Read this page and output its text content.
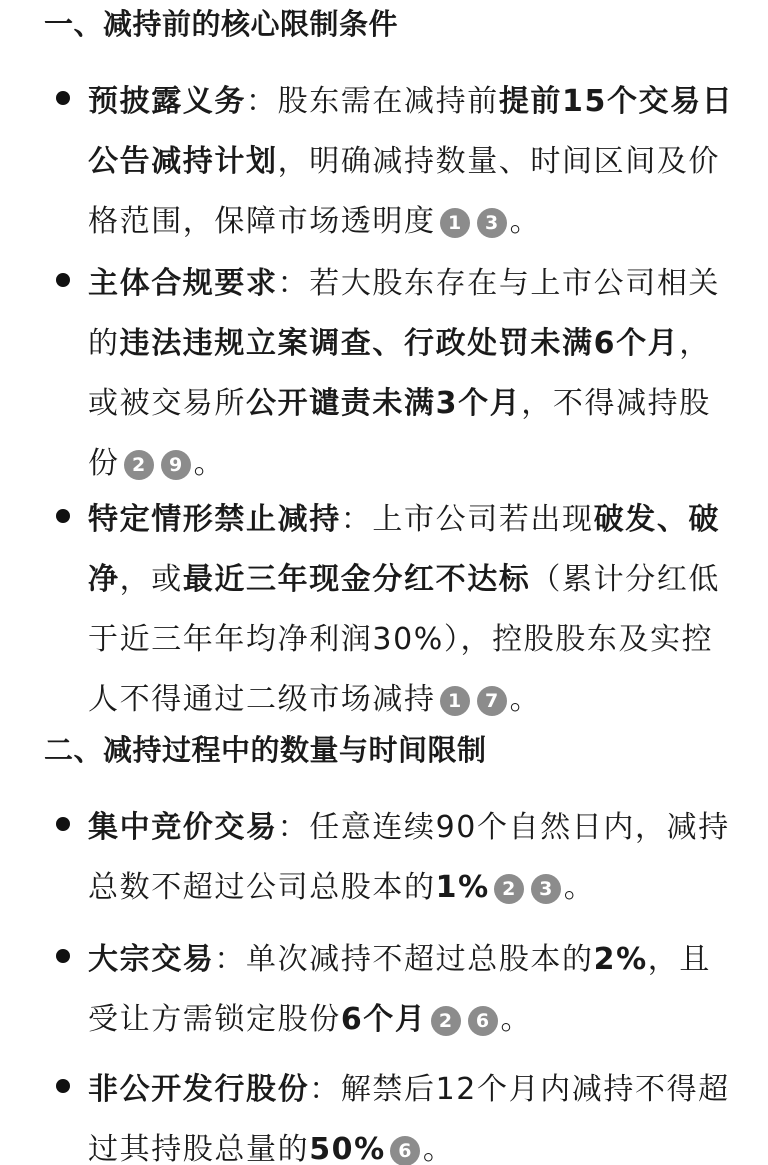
一、减持前的核心限制条件
预披露义务：股东需在减持前提前15个交易日公告减持计划，明确减持数量、时间区间及价格范围，保障市场透明度 1 3 。
主体合规要求：若大股东存在与上市公司相关的违法违规立案调查、行政处罚未满6个月，或被交易所公开谴责未满3个月，不得减持股份 2 9 。
特定情形禁止减持：上市公司若出现破发、破净，或最近三年现金分红不达标（累计分红低于近三年年均净利润30%），控股股东及实控人不得通过二级市场减持 1 7 。
二、减持过程中的数量与时间限制
集中竞价交易：任意连续90个自然日内，减持总数不超过公司总股本的1% 2 3 。
大宗交易：单次减持不超过总股本的2%，且受让方需锁定股份6个月 2 6 。
非公开发行股份：解禁后12个月内减持不得超过其持股总量的50% 6 。
